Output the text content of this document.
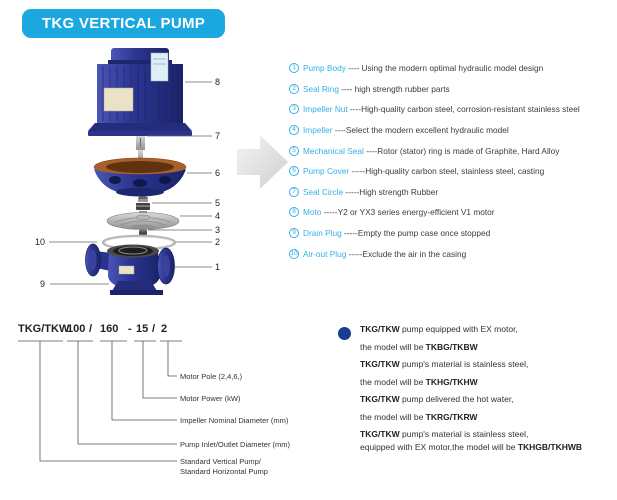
TKG VERTICAL PUMP
8
7
6
5
4
3
2
1
10
9
1 Pump Body ---- Using the modern optimal hydraulic model design
2 Seal Ring ---- high strength rubber parts
3 Impeller Nut ----High-quality carbon steel, corrosion-resistant stainless steel
4 Impeller ----Select the modern excellent hydraulic model
5 Mechanical Seal ----Rotor (stator) ring is made of Graphite, Hard Alloy
6 Pump Cover -----High-quality carbon steel, stainless steel, casting
7 Seal Circle -----High strength Rubber
8 Moto -----Y2 or YX3 series energy-efficient V1 motor
9 Drain Plug -----Empty the pump case once stopped
10 Air-out Plug -----Exclude the air in the casing
TKG/TKW
100 / 160 - 15 / 2
Motor Pole (2,4,6,)
Motor Power (kW)
Impeller Nominal Diameter (mm)
Pump Inlet/Outlet Diameter (mm)
Standard Vertical Pump/
Standard Horizontal Pump

TKG/TKW pump equipped with EX motor,

the model will be TKBG/TKBW

TKG/TKW pump's material is stainless steel,

the model will be TKHG/TKHW

TKG/TKW pump delivered the hot water,

the model will be TKRG/TKRW

TKG/TKW pump's material is stainless steel,

equipped with EX motor,the model will be TKHGB/TKHWB
